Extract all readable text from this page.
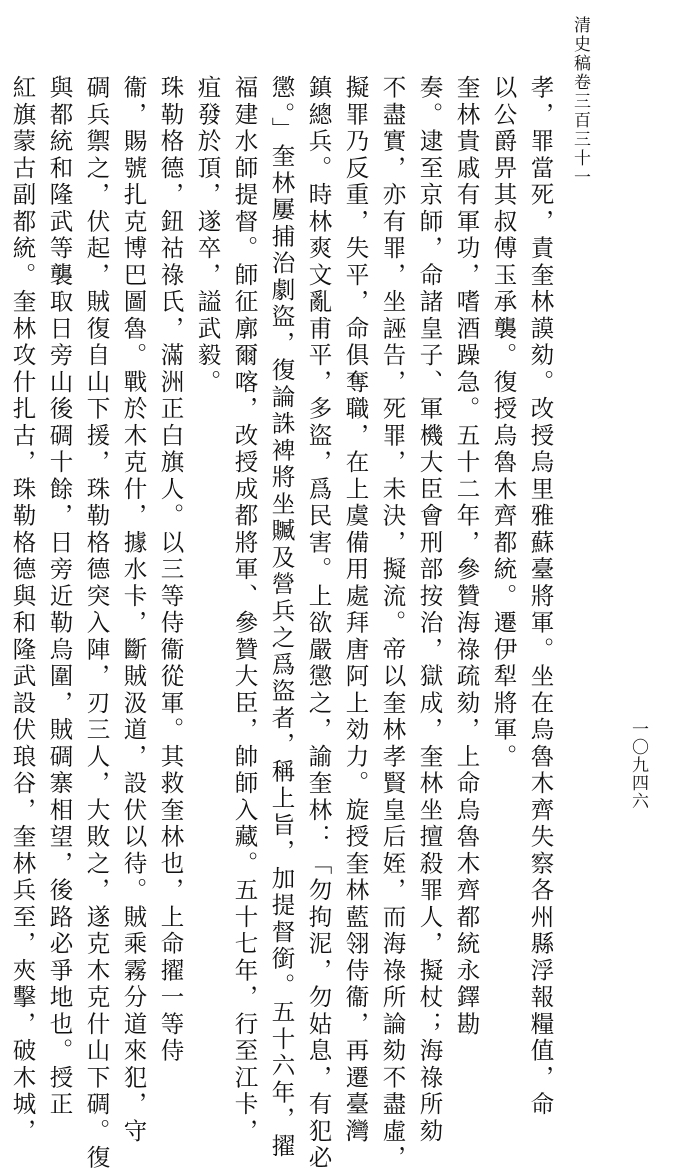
清史稿卷三百三十一
一〇九四六
孝，罪當死，責奎林謨劾。改授烏里雅蘇臺將軍。坐在烏魯木齊失察各州縣浮報糧值，命
以公爵畀其叔傅玉承襲。復授烏魯木齊都統。遷伊犁將軍。
奎林貴戚有軍功，嗜酒躁急。五十二年，參贊海祿疏劾，上命烏魯木齊都統永鐸勘
奏。逮至京師，命諸皇子、軍機大臣會刑部按治，獄成，奎林坐擅殺罪人，擬杖；海祿所劾
不盡實，亦有罪，坐誣告，死罪，未決，擬流。帝以奎林孝賢皇后姪，而海祿所論劾不盡虛，
擬罪乃反重，失平，命俱奪職，在上虞備用處拜唐阿上効力。旋授奎林藍翎侍衞，再遷臺灣
鎮總兵。時林爽文亂甫平，多盜，爲民害。上欲嚴懲之，諭奎林：「勿拘泥，勿姑息，有犯必
懲。」奎林屢捕治劇盜，復論誅裨將坐贓及營兵之爲盜者，稱上旨，加提督銜。五十六年，擢
福建水師提督。師征廓爾喀，改授成都將軍、參贊大臣，帥師入藏。五十七年，行至江卡，
疽發於頂，遂卒，謚武毅。
珠勒格德，鈕祜祿氏，滿洲正白旗人。以三等侍衞從軍。其救奎林也，上命擢一等侍
衞，賜號扎克博巴圖魯。戰於木克什，據水卡，斷賊汲道，設伏以待。賊乘霧分道來犯，守
碉兵禦之，伏起，賊復自山下援，珠勒格德突入陣，刃三人，大敗之，遂克木克什山下碉。復
與都統和隆武等襲取日旁山後碉十餘，日旁近勒烏圍，賊碉寨相望，後路必爭地也。授正
紅旗蒙古副都統。奎林攻什扎古，珠勒格德與和隆武設伏琅谷，奎林兵至，夾擊，破木城，
